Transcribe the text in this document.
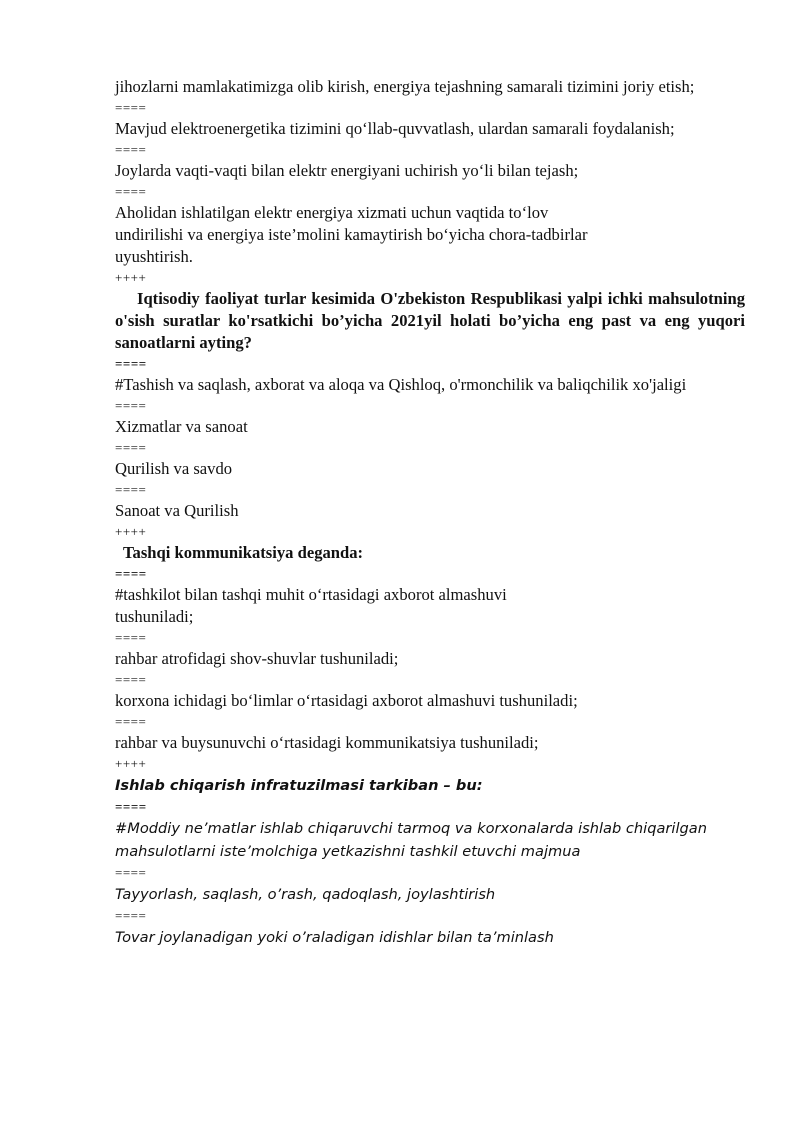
jihozlarni mamlakatimizga olib kirish, energiya tejashning samarali tizimini joriy etish;

====

Mavjud elektroenergetika tizimini qo‘llab-quvvatlash, ulardan samarali foydalanish;

====

Joylarda vaqti-vaqti bilan elektr energiyani uchirish yo‘li bilan tejash;

====

Aholidan ishlatilgan elektr energiya xizmati uchun vaqtida to‘lov

undirilishi va energiya iste’molini kamaytirish bo‘yicha chora-tadbirlar

uyushtirish.

++++

Iqtisodiy faoliyat turlar kesimida O'zbekiston Respublikasi yalpi ichki mahsulotning o'sish suratlar ko'rsatkichi bo’yicha 2021yil holati bo’yicha eng past va eng yuqori sanoatlarni ayting?

====

#Tashish va saqlash, axborat va aloqa va Qishloq, o'rmonchilik va baliqchilik xo'jaligi

====

Xizmatlar va sanoat

====

Qurilish va savdo

====

Sanoat va Qurilish

++++

Tashqi kommunikatsiya deganda:

====

#tashkilot bilan tashqi muhit o‘rtasidagi axborot almashuvi

tushuniladi;

====

rahbar atrofidagi shov-shuvlar tushuniladi;

====

korxona ichidagi bo‘limlar o‘rtasidagi axborot almashuvi tushuniladi;

====

rahbar va buysunuvchi o‘rtasidagi kommunikatsiya tushuniladi;

++++

Ishlab chiqarish infratuzilmasi tarkiban – bu:

====

#Moddiy ne’matlar ishlab chiqaruvchi tarmoq va korxonalarda ishlab chiqarilgan mahsulotlarni iste’molchiga yetkazishni tashkil etuvchi majmua

====

Tayyorlash, saqlash, o’rash, qadoqlash, joylashtirish

====

Tovar joylanadigan yoki o’raladigan idishlar bilan ta’minlash
